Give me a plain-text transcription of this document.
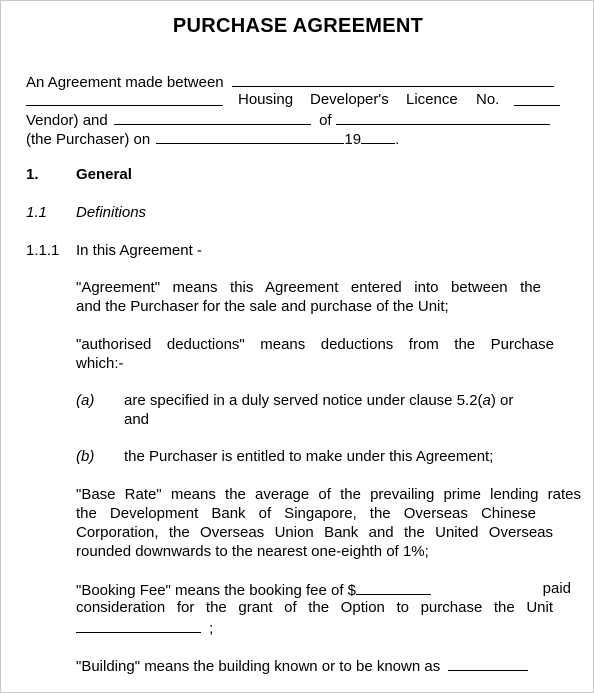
PURCHASE AGREEMENT
An Agreement made between
Housing Developer's Licence No.
Vendor) and	of
(the Purchaser) on	19 .
1. General
1.1 Definitions
1.1.1 In this Agreement -
"Agreement" means this Agreement entered into between the
and the Purchaser for the sale and purchase of the Unit;
"authorised deductions" means deductions from the Purchase
which:-
(a) are specified in a duly served notice under clause 5.2(a) or
and
(b) the Purchaser is entitled to make under this Agreement;
"Base Rate" means the average of the prevailing prime lending rates
the Development Bank of Singapore, the Overseas Chinese
Corporation, the Overseas Union Bank and the United Overseas
rounded downwards to the nearest one-eighth of 1%;
"Booking Fee" means the booking fee of $	paid
consideration for the grant of the Option to purchase the Unit
;
"Building" means the building known or to be known as
